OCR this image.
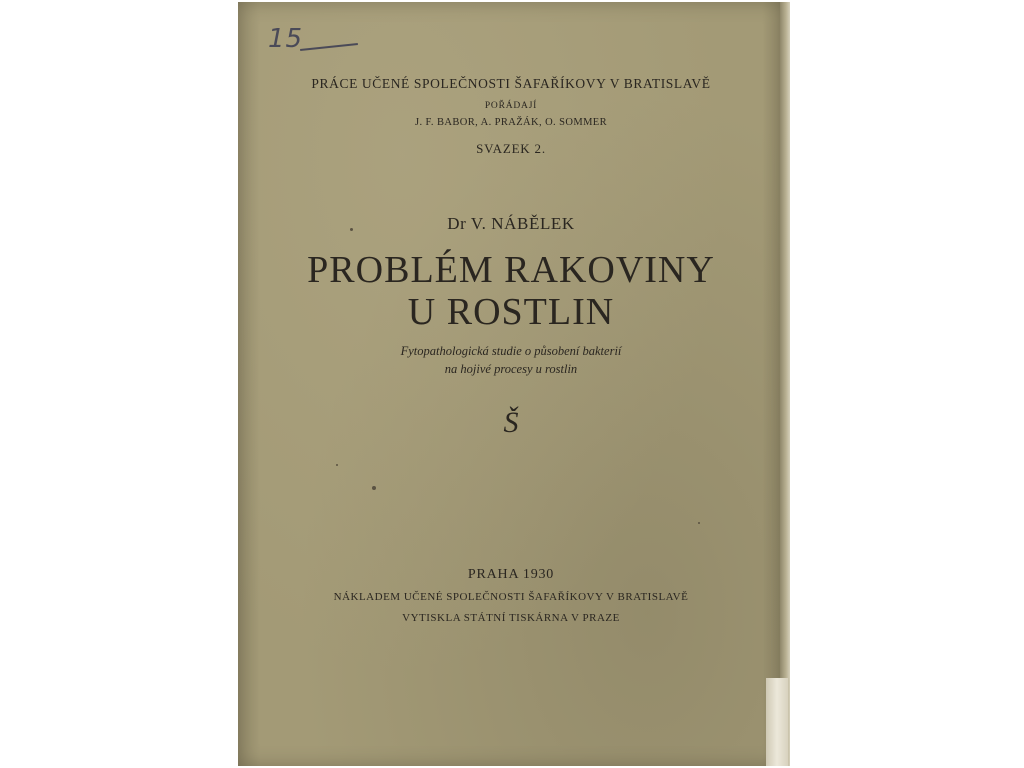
15
PRÁCE UČENÉ SPOLEČNOSTI ŠAFAŘÍKOVY V BRATISLAVĚ
POŘÁDAJÍ
J. F. BABOR, A. PRAŽÁK, O. SOMMER
SVAZEK 2.
Dr V. NÁBĚLEK
PROBLÉM RAKOVINY
U ROSTLIN
Fytopathologická studie o působení bakterií
na hojivé procesy u rostlin
Š
PRAHA 1930
NÁKLADEM UČENÉ SPOLEČNOSTI ŠAFAŘÍKOVY V BRATISLAVĚ
VYTISKLA STÁTNÍ TISKÁRNA V PRAZE
